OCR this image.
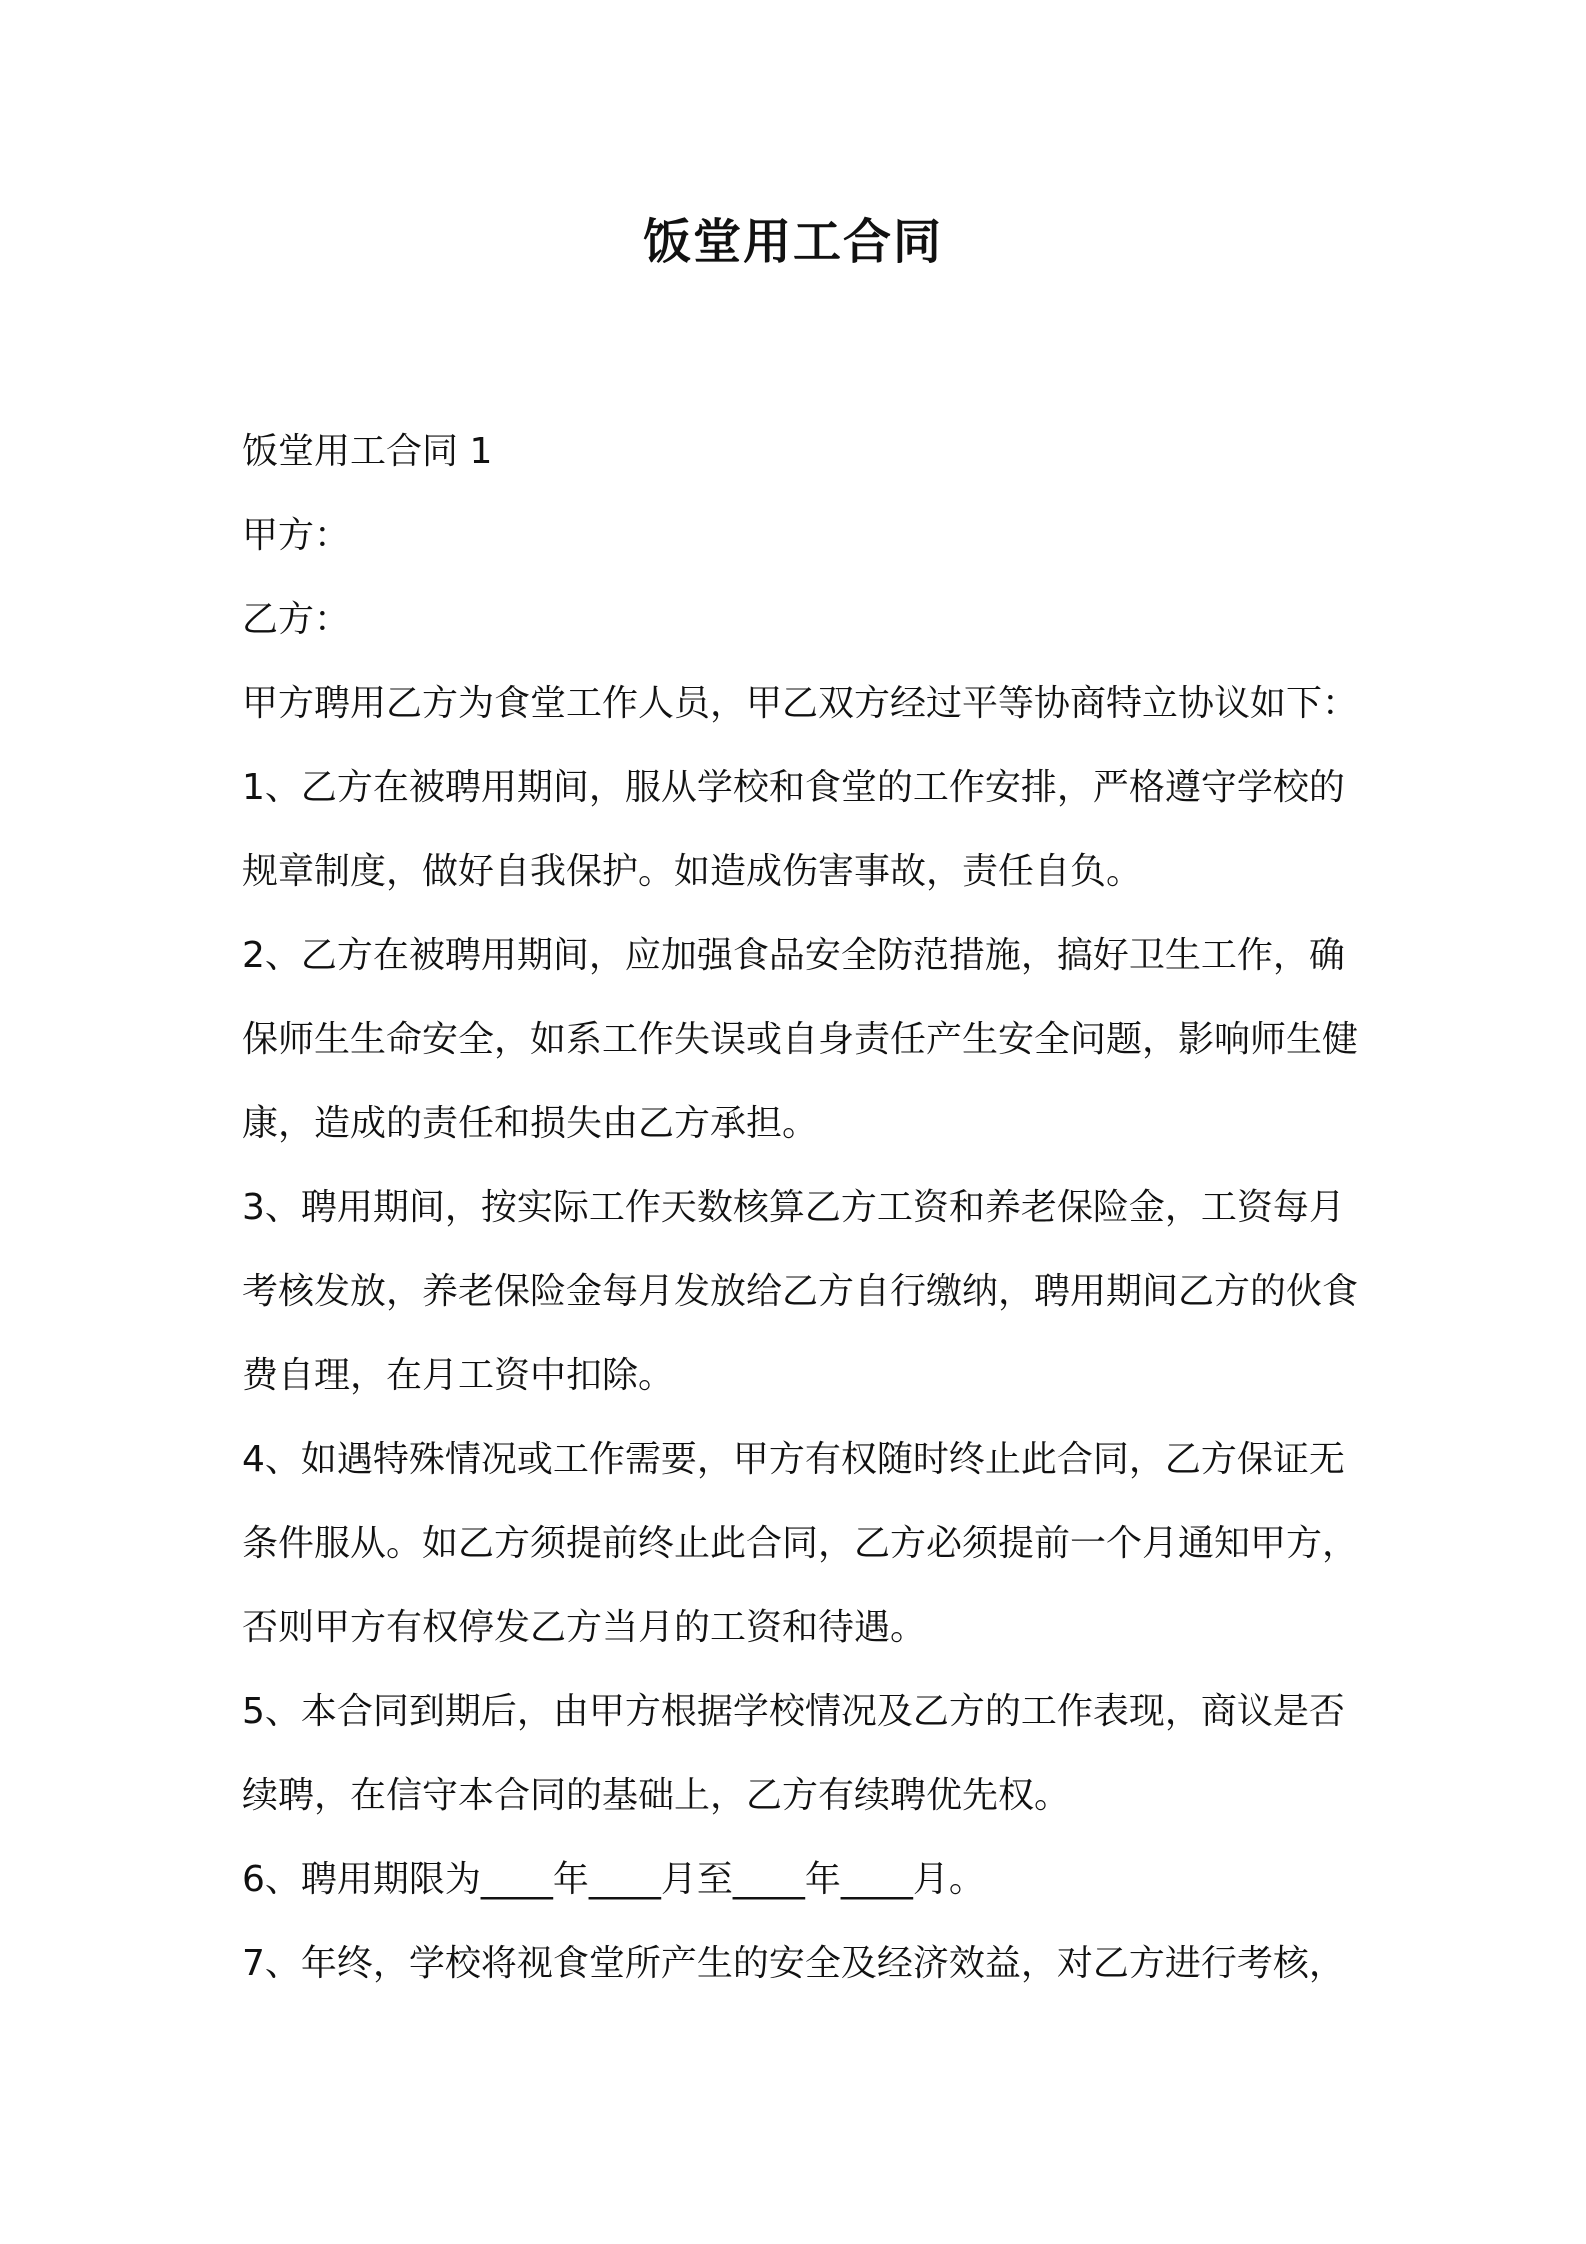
饭堂用工合同

饭堂用工合同 1

甲方：

乙方：

甲方聘用乙方为食堂工作人员，甲乙双方经过平等协商特立协议如下：

1、乙方在被聘用期间，服从学校和食堂的工作安排，严格遵守学校的规章制度，做好自我保护。如造成伤害事故，责任自负。

2、乙方在被聘用期间，应加强食品安全防范措施，搞好卫生工作，确保师生生命安全，如系工作失误或自身责任产生安全问题，影响师生健康，造成的责任和损失由乙方承担。

3、聘用期间，按实际工作天数核算乙方工资和养老保险金，工资每月考核发放，养老保险金每月发放给乙方自行缴纳，聘用期间乙方的伙食费自理，在月工资中扣除。

4、如遇特殊情况或工作需要，甲方有权随时终止此合同，乙方保证无条件服从。如乙方须提前终止此合同，乙方必须提前一个月通知甲方，否则甲方有权停发乙方当月的工资和待遇。

5、本合同到期后，由甲方根据学校情况及乙方的工作表现，商议是否续聘，在信守本合同的基础上，乙方有续聘优先权。

6、聘用期限为____年____月至____年____月。

7、年终，学校将视食堂所产生的安全及经济效益，对乙方进行考核，
